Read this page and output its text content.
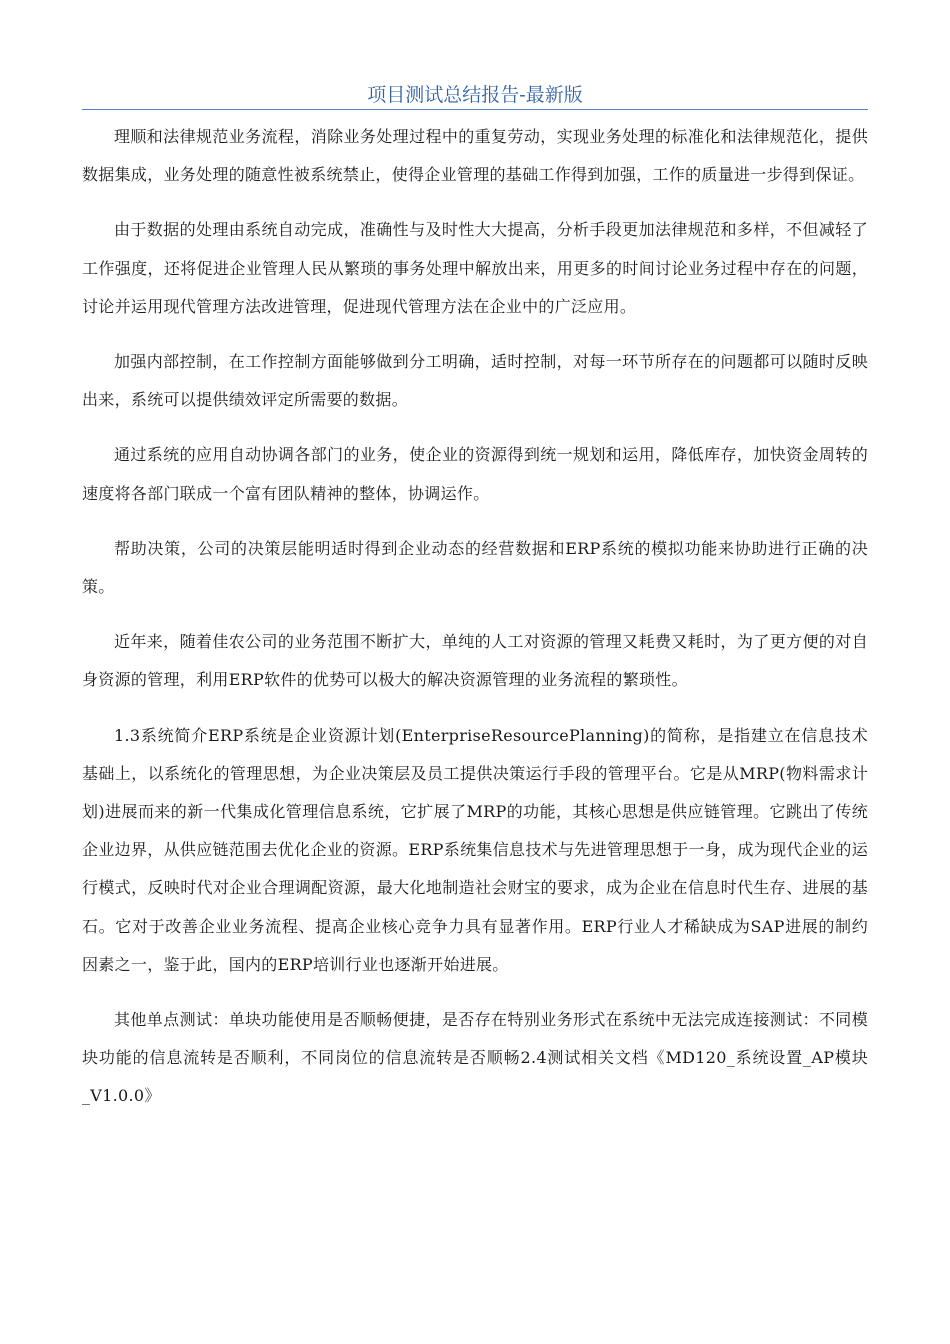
项目测试总结报告-最新版

理顺和法律规范业务流程，消除业务处理过程中的重复劳动，实现业务处理的标准化和法律规范化，提供数据集成，业务处理的随意性被系统禁止，使得企业管理的基础工作得到加强，工作的质量进一步得到保证。

由于数据的处理由系统自动完成，准确性与及时性大大提高，分析手段更加法律规范和多样，不但减轻了工作强度，还将促进企业管理人民从繁琐的事务处理中解放出来，用更多的时间讨论业务过程中存在的问题，讨论并运用现代管理方法改进管理，促进现代管理方法在企业中的广泛应用。

加强内部控制，在工作控制方面能够做到分工明确，适时控制，对每一环节所存在的问题都可以随时反映出来，系统可以提供绩效评定所需要的数据。

通过系统的应用自动协调各部门的业务，使企业的资源得到统一规划和运用，降低库存，加快资金周转的速度将各部门联成一个富有团队精神的整体，协调运作。

帮助决策，公司的决策层能明适时得到企业动态的经营数据和ERP系统的模拟功能来协助进行正确的决策。

近年来，随着佳农公司的业务范围不断扩大，单纯的人工对资源的管理又耗费又耗时，为了更方便的对自身资源的管理，利用ERP软件的优势可以极大的解决资源管理的业务流程的繁琐性。

1.3系统简介ERP系统是企业资源计划(EnterpriseResourcePlanning)的简称，是指建立在信息技术基础上，以系统化的管理思想，为企业决策层及员工提供决策运行手段的管理平台。它是从MRP(物料需求计划)进展而来的新一代集成化管理信息系统，它扩展了MRP的功能，其核心思想是供应链管理。它跳出了传统企业边界，从供应链范围去优化企业的资源。ERP系统集信息技术与先进管理思想于一身，成为现代企业的运行模式，反映时代对企业合理调配资源，最大化地制造社会财宝的要求，成为企业在信息时代生存、进展的基石。它对于改善企业业务流程、提高企业核心竞争力具有显著作用。ERP行业人才稀缺成为SAP进展的制约因素之一，鉴于此，国内的ERP培训行业也逐渐开始进展。

其他单点测试：单块功能使用是否顺畅便捷，是否存在特别业务形式在系统中无法完成连接测试：不同模块功能的信息流转是否顺利，不同岗位的信息流转是否顺畅2.4测试相关文档《MD120_系统设置_AP模块_V1.0.0》
